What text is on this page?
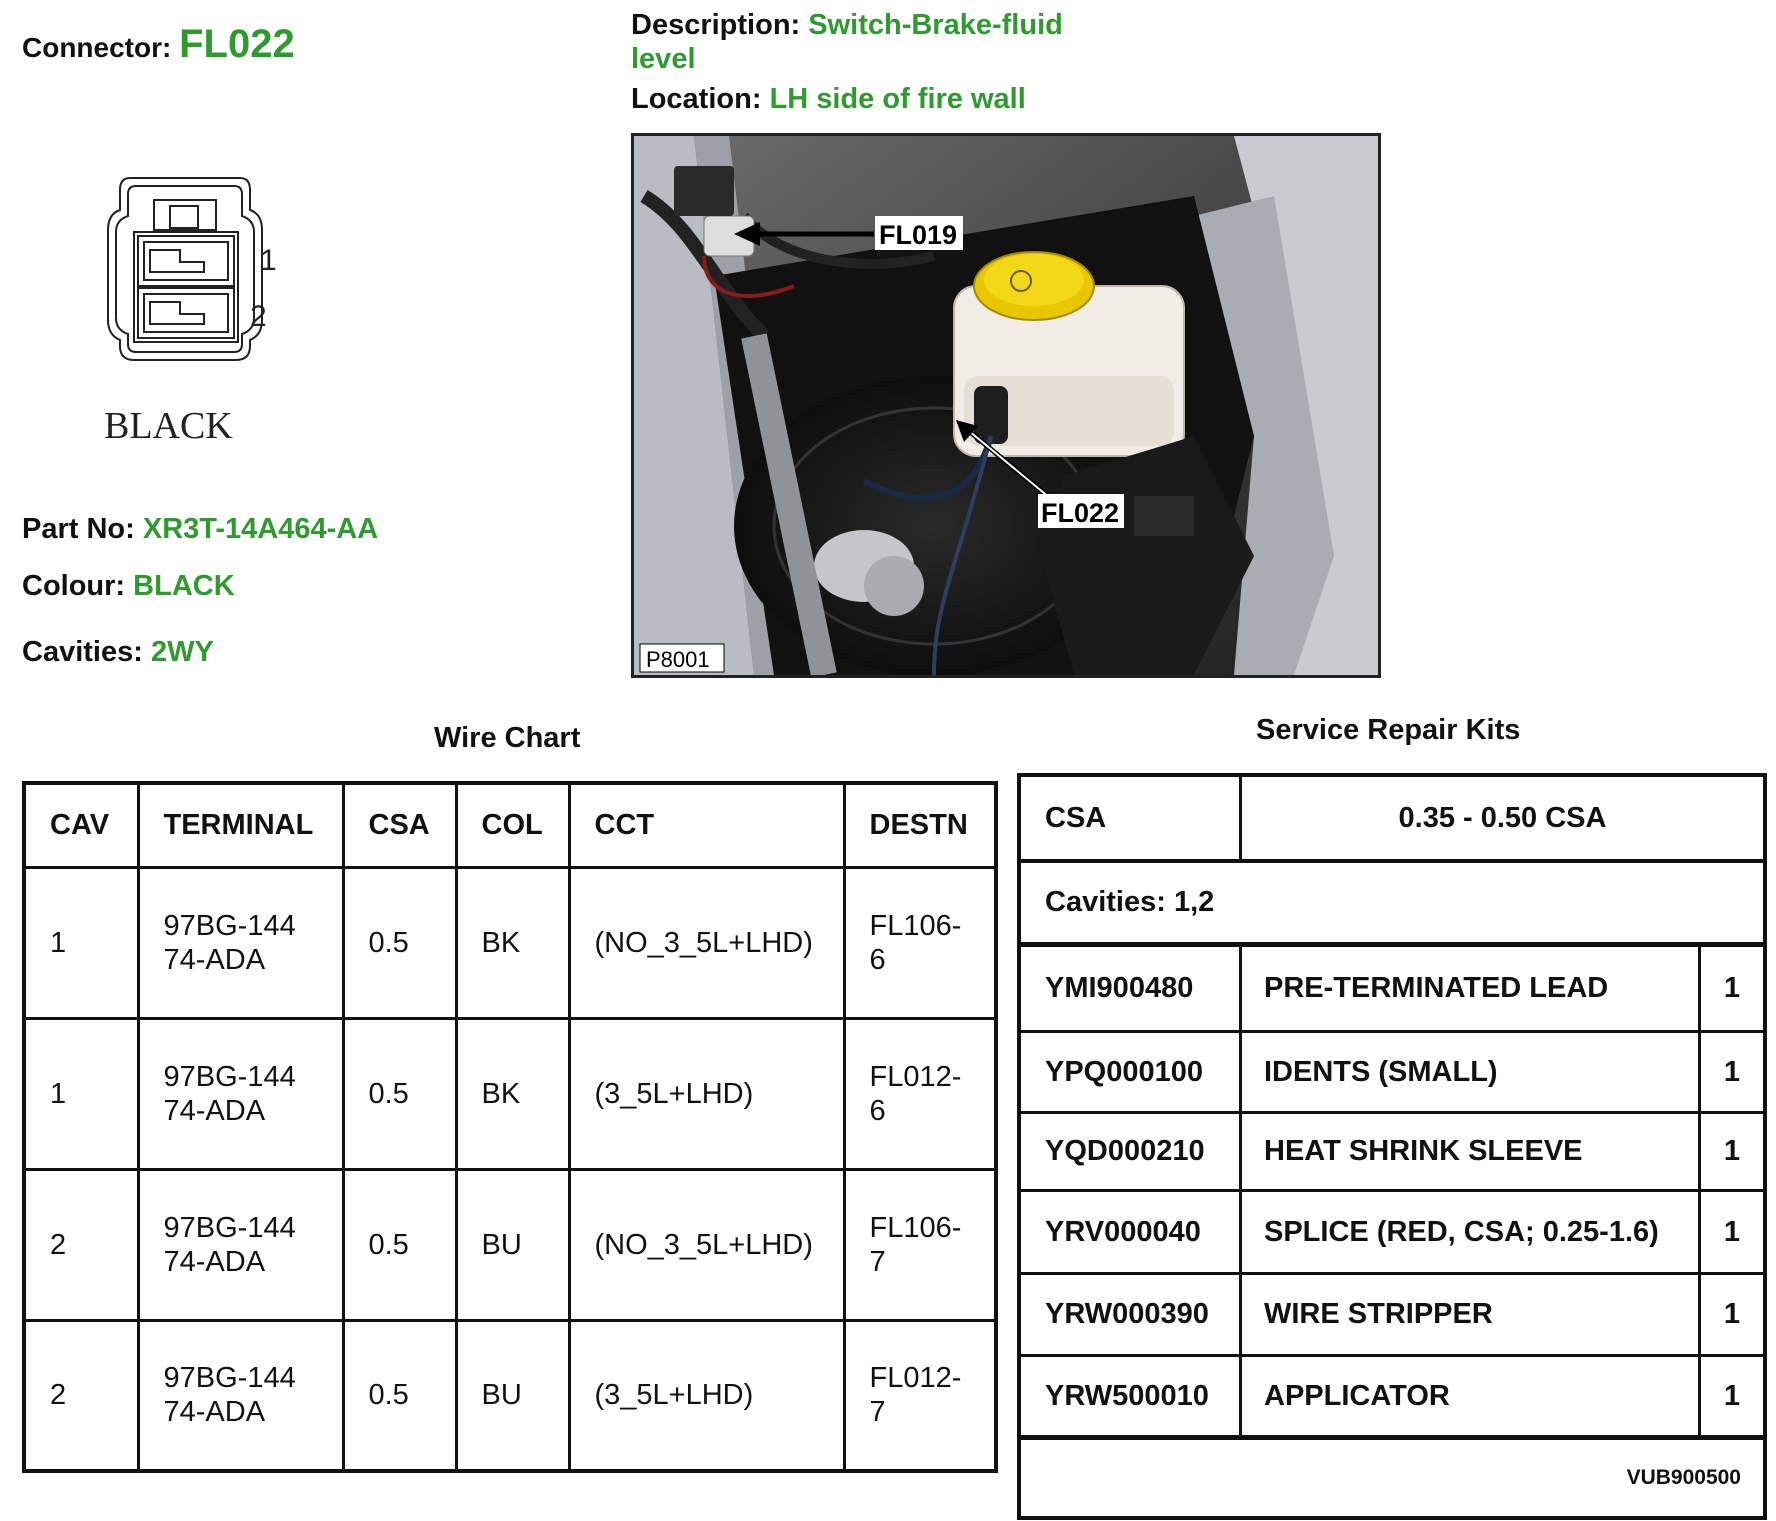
Connector: FL022	Description: Switch-Brake-fluid level
Location: LH side of fire wall
1
2
BLACK
Part No: XR3T-14A464-AA
Colour: BLACK
Cavities: 2WY
FL019
FL022
P8001
Wire Chart
CAV	TERMINAL	CSA	COL	CCT	DESTN
1	97BG-14474-ADA	0.5	BK	(NO_3_5L+LHD)	FL106-6
1	97BG-14474-ADA	0.5	BK	(3_5L+LHD)	FL012-6
2	97BG-14474-ADA	0.5	BU	(NO_3_5L+LHD)	FL106-7
2	97BG-14474-ADA	0.5	BU	(3_5L+LHD)	FL012-7
Service Repair Kits
CSA	0.35 - 0.50 CSA
Cavities: 1,2
YMI900480	PRE-TERMINATED LEAD	1
YPQ000100	IDENTS (SMALL)	1
YQD000210	HEAT SHRINK SLEEVE	1
YRV000040	SPLICE (RED, CSA; 0.25-1.6)	1
YRW000390	WIRE STRIPPER	1
YRW500010	APPLICATOR	1
VUB900500
